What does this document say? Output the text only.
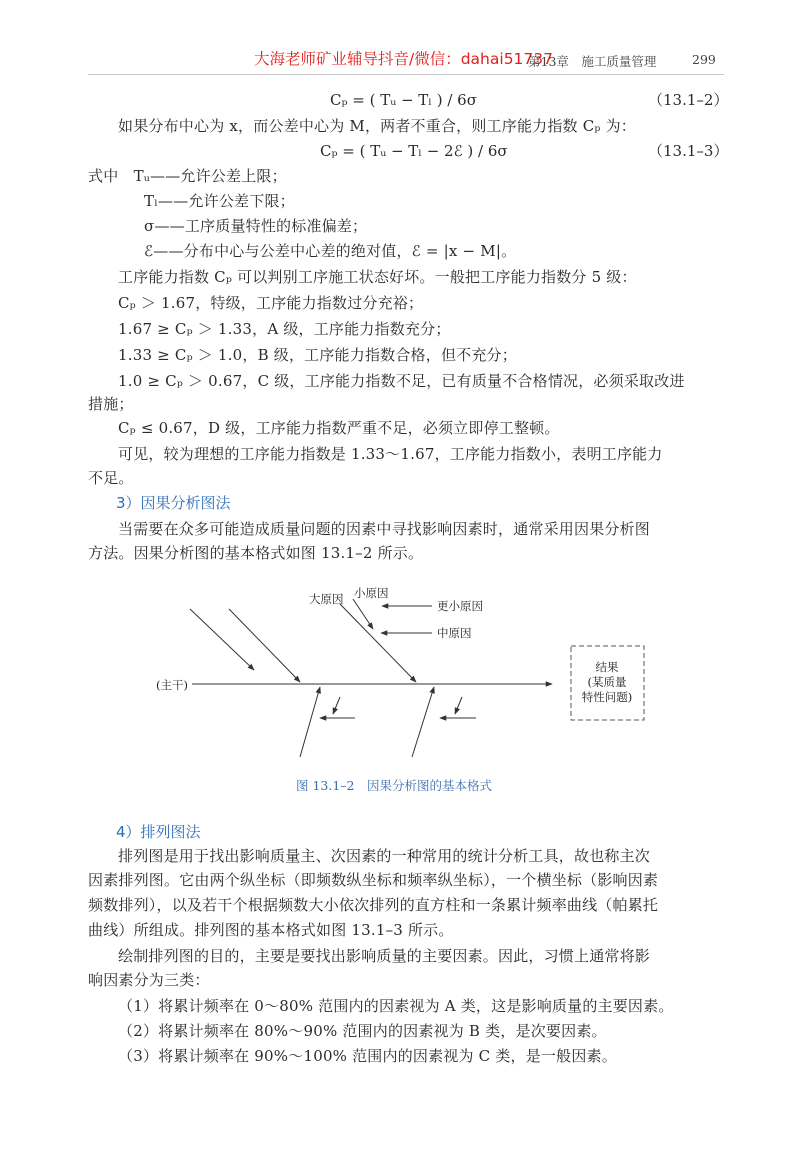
大海老师矿业辅导抖音/微信：dahai51737
第13章　施工质量管理	299
Cₚ = ( Tᵤ − Tₗ ) / 6σ	（13.1–2）
如果分布中心为 x，而公差中心为 M，两者不重合，则工序能力指数 Cₚ 为：
Cₚ = ( Tᵤ − Tₗ − 2ℰ ) / 6σ	（13.1–3）
式中　Tᵤ——允许公差上限；
Tₗ——允许公差下限；
σ——工序质量特性的标准偏差；
ℰ——分布中心与公差中心差的绝对值，ℰ = |x − M|。
工序能力指数 Cₚ 可以判别工序施工状态好坏。一般把工序能力指数分 5 级：
Cₚ ＞ 1.67，特级，工序能力指数过分充裕；
1.67 ≥ Cₚ ＞ 1.33，A 级，工序能力指数充分；
1.33 ≥ Cₚ ＞ 1.0，B 级，工序能力指数合格，但不充分；
1.0 ≥ Cₚ ＞ 0.67，C 级，工序能力指数不足，已有质量不合格情况，必须采取改进
措施；
Cₚ ≤ 0.67，D 级，工序能力指数严重不足，必须立即停工整顿。
可见，较为理想的工序能力指数是 1.33～1.67，工序能力指数小，表明工序能力
不足。
3）因果分析图法
当需要在众多可能造成质量问题的因素中寻找影响因素时，通常采用因果分析图
方法。因果分析图的基本格式如图 13.1–2 所示。
大原因 小原因
更小原因
中原因
(主干)
结果
(某质量
特性问题)
图 13.1–2　因果分析图的基本格式
4）排列图法
排列图是用于找出影响质量主、次因素的一种常用的统计分析工具，故也称主次
因素排列图。它由两个纵坐标（即频数纵坐标和频率纵坐标），一个横坐标（影响因素
频数排列），以及若干个根据频数大小依次排列的直方柱和一条累计频率曲线（帕累托
曲线）所组成。排列图的基本格式如图 13.1–3 所示。
绘制排列图的目的，主要是要找出影响质量的主要因素。因此，习惯上通常将影
响因素分为三类：
（1）将累计频率在 0～80% 范围内的因素视为 A 类，这是影响质量的主要因素。
（2）将累计频率在 80%～90% 范围内的因素视为 B 类，是次要因素。
（3）将累计频率在 90%～100% 范围内的因素视为 C 类，是一般因素。
